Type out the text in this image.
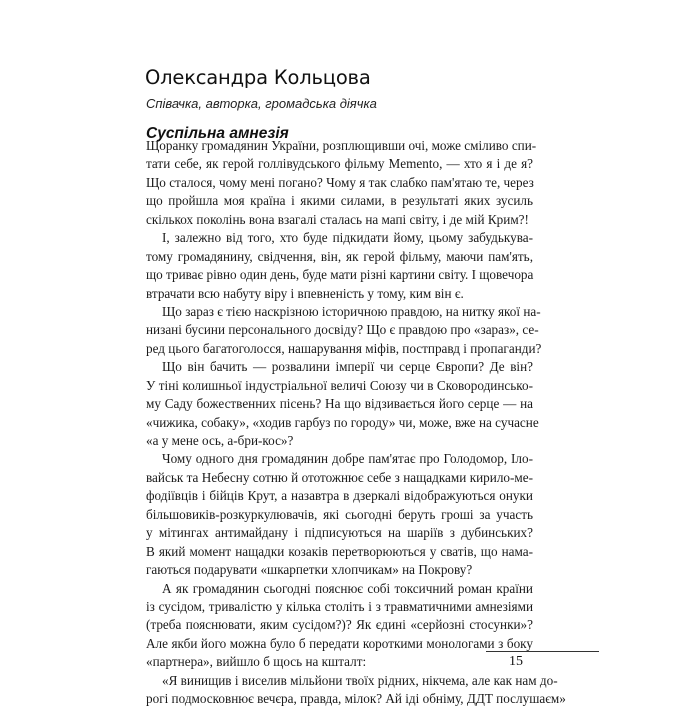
Олександра Кольцова

Співачка, авторка, громадська діячка

Суспільна амнезія
Щоранку громадянин України, розплющивши очі, може сміливо спи-
тати себе, як герой голлівудського фільму Memento, — хто я і де я?
Що сталося, чому мені погано? Чому я так слабко пам'ятаю те, через
що пройшла моя країна і якими силами, в результаті яких зусиль
скількох поколінь вона взагалі сталась на мапі світу, і де мій Крим?!
І, залежно від того, хто буде підкидати йому, цьому забудькува-
тому громадянину, свідчення, він, як герой фільму, маючи пам'ять,
що триває рівно один день, буде мати різні картини світу. І щовечора
втрачати всю набуту віру і впевненість у тому, ким він є.
Що зараз є тією наскрізною історичною правдою, на нитку якої на-
низані бусини персонального досвіду? Що є правдою про «зараз», се-
ред цього багатоголосся, нашарування міфів, постправд і пропаганди?
Що він бачить — розвалини імперії чи серце Європи? Де він?
У тіні колишньої індустріальної величі Союзу чи в Сковородинсько-
му Саду божественних пісень? На що відзивається його серце — на
«чижика, собаку», «ходив гарбуз по городу» чи, може, вже на сучасне
«а у мене ось, а-бри-кос»?
Чому одного дня громадянин добре пам'ятає про Голодомор, Іло-
вайськ та Небесну сотню й ототожнює себе з нащадками кирило-ме-
фодіївців і бійців Крут, а назавтра в дзеркалі відображуються онуки
більшовиків-розкуркулювачів, які сьогодні беруть гроші за участь
у мітингах антимайдану і підписуються на шаріїв з дубинських?
В який момент нащадки козаків перетворюються у сватів, що нама-
гаються подарувати «шкарпетки хлопчикам» на Покрову?
А як громадянин сьогодні пояснює собі токсичний роман країни
із сусідом, тривалістю у кілька століть і з травматичними амнезіями
(треба пояснювати, яким сусідом?)? Як єдині «серйозні стосунки»?
Але якби його можна було б передати короткими монологами з боку
«партнера», вийшло б щось на кшталт:
«Я винищив і виселив мільйони твоїх рідних, нікчема, але как нам до-
рогі подмосковнює вечєра, правда, мілок? Ай іді обніму, ДДТ послушаєм»
15
